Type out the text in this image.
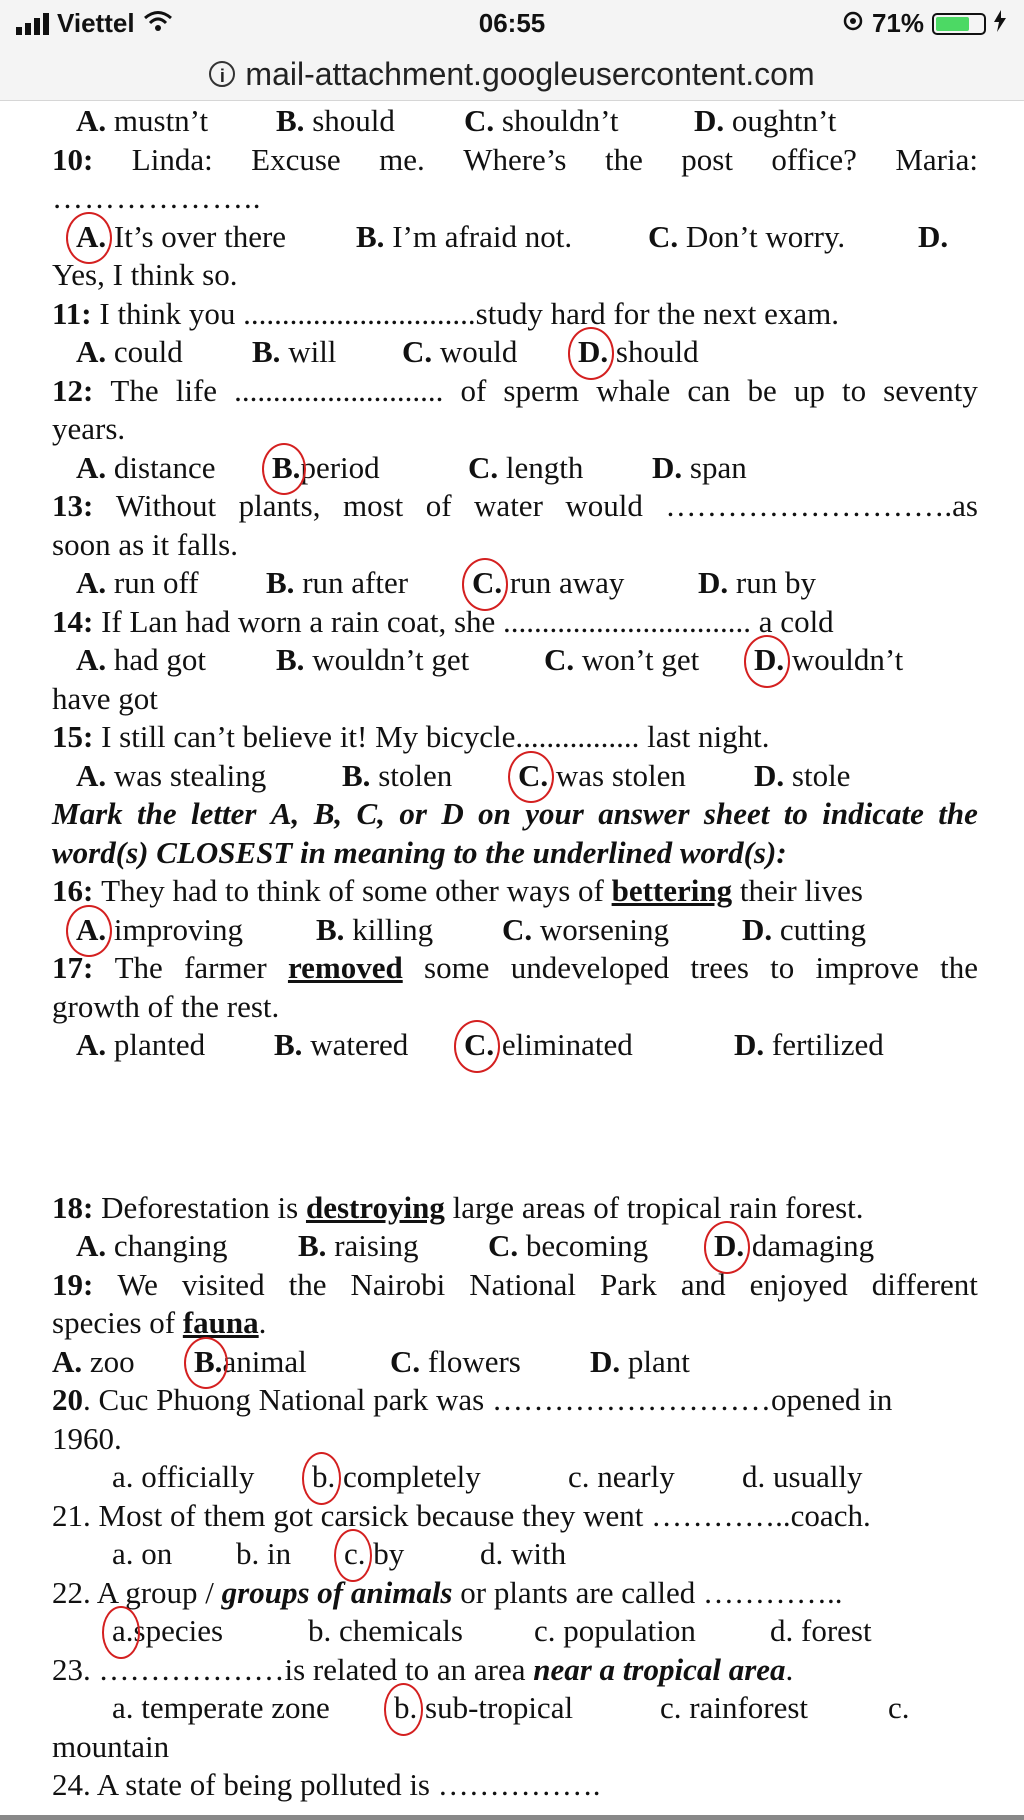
Viettel	06:55	71%
i mail-attachment.googleusercontent.com
A. mustn’t	B. should	C. shouldn’t	D. oughtn’t
10: Linda: Excuse me. Where’s the post office? Maria:
………………..
A. It’s over there	B. I’m afraid not.	C. Don’t worry.	D.
Yes, I think so.
11:
I think you ..............................study hard for the next exam.
A. could	B. will	C. would	D. should
12: The life ........................... of sperm whale can be up to seventy
years.
A. distance	B.period	C. length	D. span
13: Without plants, most of water would ……………………….as
soon as it falls.
A. run off	B. run after	C. run away	D. run by
14:
If Lan had worn a rain coat, she ................................ a cold
A. had got	B. wouldn’t get	C. won’t get	D. wouldn’t
have got
15:
I still can’t believe it! My bicycle................ last night.
A. was stealing	B. stolen	C. was stolen	D. stole
Mark the letter A, B, C, or D on your answer sheet to indicate the
word(s) CLOSEST in meaning to the underlined word(s):
16:
They had to think of some other ways of
bettering
their lives
A. improving	B. killing	C. worsening	D. cutting
17: The farmer removed some undeveloped trees to improve the
growth of the rest.
A. planted	B. watered	C. eliminated	D. fertilized
18:
Deforestation is
destroying
large areas of tropical rain forest.
A. changing	B. raising	C. becoming	D. damaging
19: We visited the Nairobi National Park and enjoyed different
species of
fauna .
A. zoo	B.animal	C. flowers	D. plant
20 . Cuc Phuong National park was ………………………opened in
1960.
a. officially	b. completely	c. nearly	d. usually
21. Most of them got carsick because they went …………..coach.
a. on	b. in	c. by	d. with
22. A group /
groups of animals
or plants are called …………..
a.species	b. chemicals	c. population	d. forest
23. ………………is related to an area
near a tropical area .
a. temperate zone	b. sub-tropical	c. rainforest	c.
mountain
24. A state of being polluted is …………….
